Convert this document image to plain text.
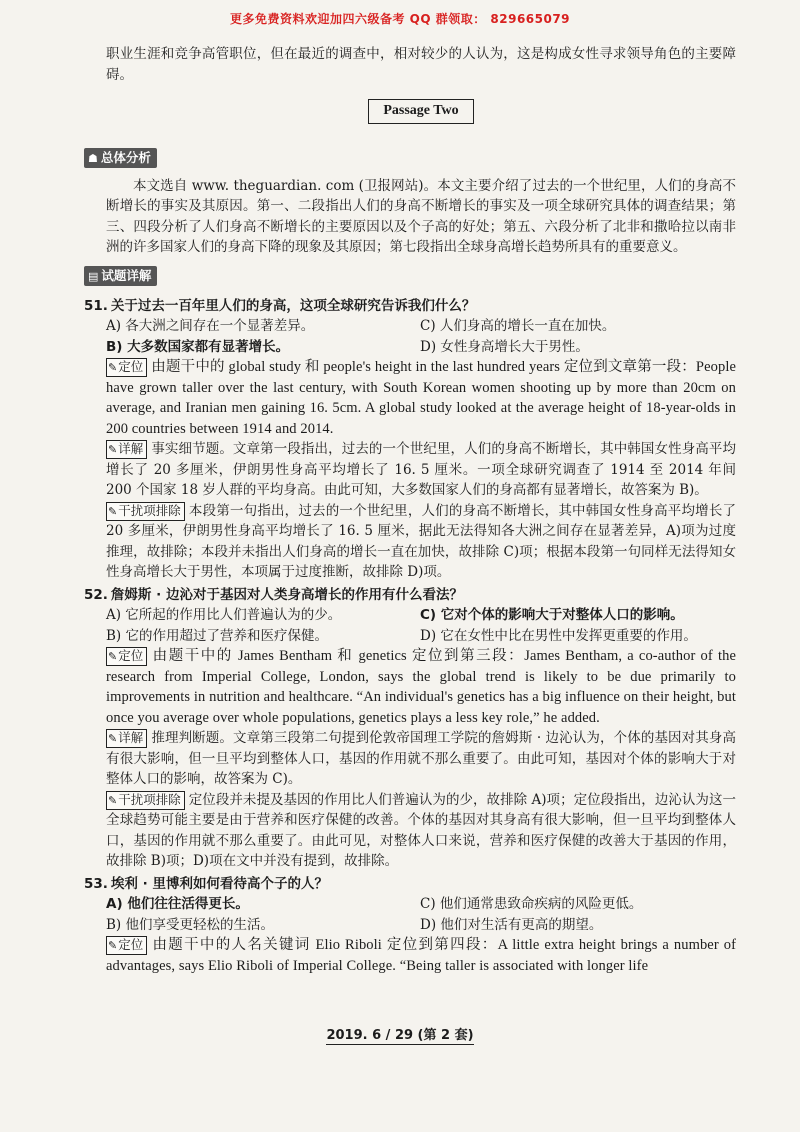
更多免费资料欢迎加四六级备考 QQ 群领取： 829665079

职业生涯和竞争高管职位，但在最近的调查中，相对较少的人认为，这是构成女性寻求领导角色的主要障碍。

Passage Two
☗ 总体分析

本文选自 www. theguardian. com (卫报网站)。本文主要介绍了过去的一个世纪里，人们的身高不断增长的事实及其原因。第一、二段指出人们的身高不断增长的事实及一项全球研究具体的调查结果；第三、四段分析了人们身高不断增长的主要原因以及个子高的好处；第五、六段分析了北非和撒哈拉以南非洲的许多国家人们的身高下降的现象及其原因；第七段指出全球身高增长趋势所具有的重要意义。

▤ 试题详解
51. 关于过去一百年里人们的身高，这项全球研究告诉我们什么？
A) 各大洲之间存在一个显著差异。	C) 人们身高的增长一直在加快。
B) 大多数国家都有显著增长。	D) 女性身高增长大于男性。

✎定位 由题干中的 global study 和 people's height in the last hundred years 定位到文章第一段：People have grown taller over the last century, with South Korean women shooting up by more than 20cm on average, and Iranian men gaining 16. 5cm. A global study looked at the average height of 18-year-olds in 200 countries between 1914 and 2014.

✎详解 事实细节题。文章第一段指出，过去的一个世纪里，人们的身高不断增长，其中韩国女性身高平均增长了 20 多厘米，伊朗男性身高平均增长了 16. 5 厘米。一项全球研究调查了 1914 至 2014 年间 200 个国家 18 岁人群的平均身高。由此可知，大多数国家人们的身高都有显著增长，故答案为 B)。

✎干扰项排除 本段第一句指出，过去的一个世纪里，人们的身高不断增长，其中韩国女性身高平均增长了 20 多厘米，伊朗男性身高平均增长了 16. 5 厘米，据此无法得知各大洲之间存在显著差异，A)项为过度推理，故排除；本段并未指出人们身高的增长一直在加快，故排除 C)项；根据本段第一句同样无法得知女性身高增长大于男性，本项属于过度推断，故排除 D)项。

52. 詹姆斯 · 边沁对于基因对人类身高增长的作用有什么看法？
A) 它所起的作用比人们普遍认为的少。	C) 它对个体的影响大于对整体人口的影响。
B) 它的作用超过了营养和医疗保健。	D) 它在女性中比在男性中发挥更重要的作用。

✎定位 由题干中的 James Bentham 和 genetics 定位到第三段：James Bentham, a co-author of the research from Imperial College, London, says the global trend is likely to be due primarily to improvements in nutrition and healthcare. “An individual's genetics has a big influence on their height, but once you average over whole populations, genetics plays a less key role,” he added.

✎详解 推理判断题。文章第三段第二句提到伦敦帝国理工学院的詹姆斯 · 边沁认为，个体的基因对其身高有很大影响，但一旦平均到整体人口，基因的作用就不那么重要了。由此可知，基因对个体的影响大于对整体人口的影响，故答案为 C)。

✎干扰项排除 定位段并未提及基因的作用比人们普遍认为的少，故排除 A)项；定位段指出，边沁认为这一全球趋势可能主要是由于营养和医疗保健的改善。个体的基因对其身高有很大影响，但一旦平均到整体人口，基因的作用就不那么重要了。由此可见，对整体人口来说，营养和医疗保健的改善大于基因的作用，故排除 B)项；D)项在文中并没有提到，故排除。

53. 埃利 · 里博利如何看待高个子的人？
A) 他们往往活得更长。	C) 他们通常患致命疾病的风险更低。
B) 他们享受更轻松的生活。	D) 他们对生活有更高的期望。

✎定位 由题干中的人名关键词 Elio Riboli 定位到第四段：A little extra height brings a number of advantages, says Elio Riboli of Imperial College. “Being taller is associated with longer life

2019. 6 / 29 (第 2 套)
